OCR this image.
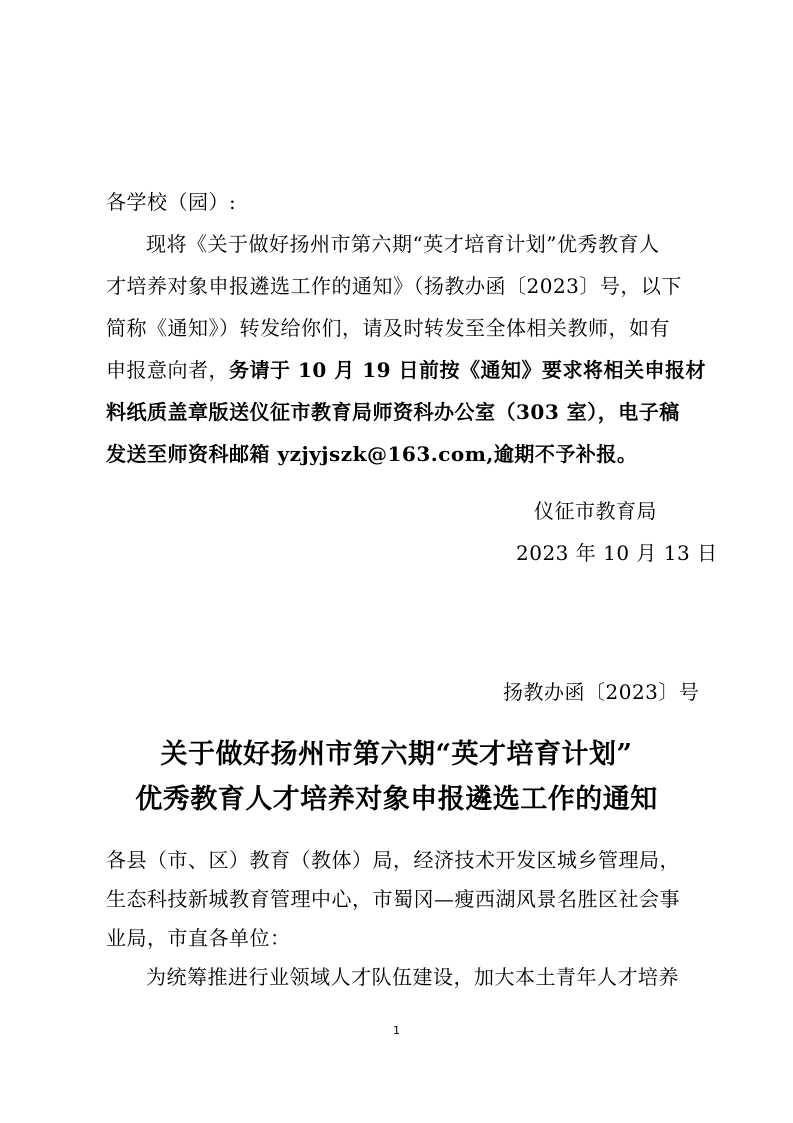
各学校（园）:
现将《关于做好扬州市第六期“英才培育计划”优秀教育人
才培养对象申报遴选工作的通知》（扬教办函〔2023〕号，以下
简称《通知》）转发给你们，请及时转发至全体相关教师，如有
申报意向者，务请于 10 月 19 日前按《通知》要求将相关申报材
料纸质盖章版送仪征市教育局师资科办公室（303 室），电子稿
发送至师资科邮箱 yzjyjszk@163.com,逾期不予补报。
仪征市教育局
2023 年 10 月 13 日
扬教办函〔2023〕号
关于做好扬州市第六期“英才培育计划”
优秀教育人才培养对象申报遴选工作的通知
各县（市、区）教育（教体）局，经济技术开发区城乡管理局，
生态科技新城教育管理中心，市蜀冈—瘦西湖风景名胜区社会事
业局，市直各单位：
为统筹推进行业领域人才队伍建设，加大本土青年人才培养
1
